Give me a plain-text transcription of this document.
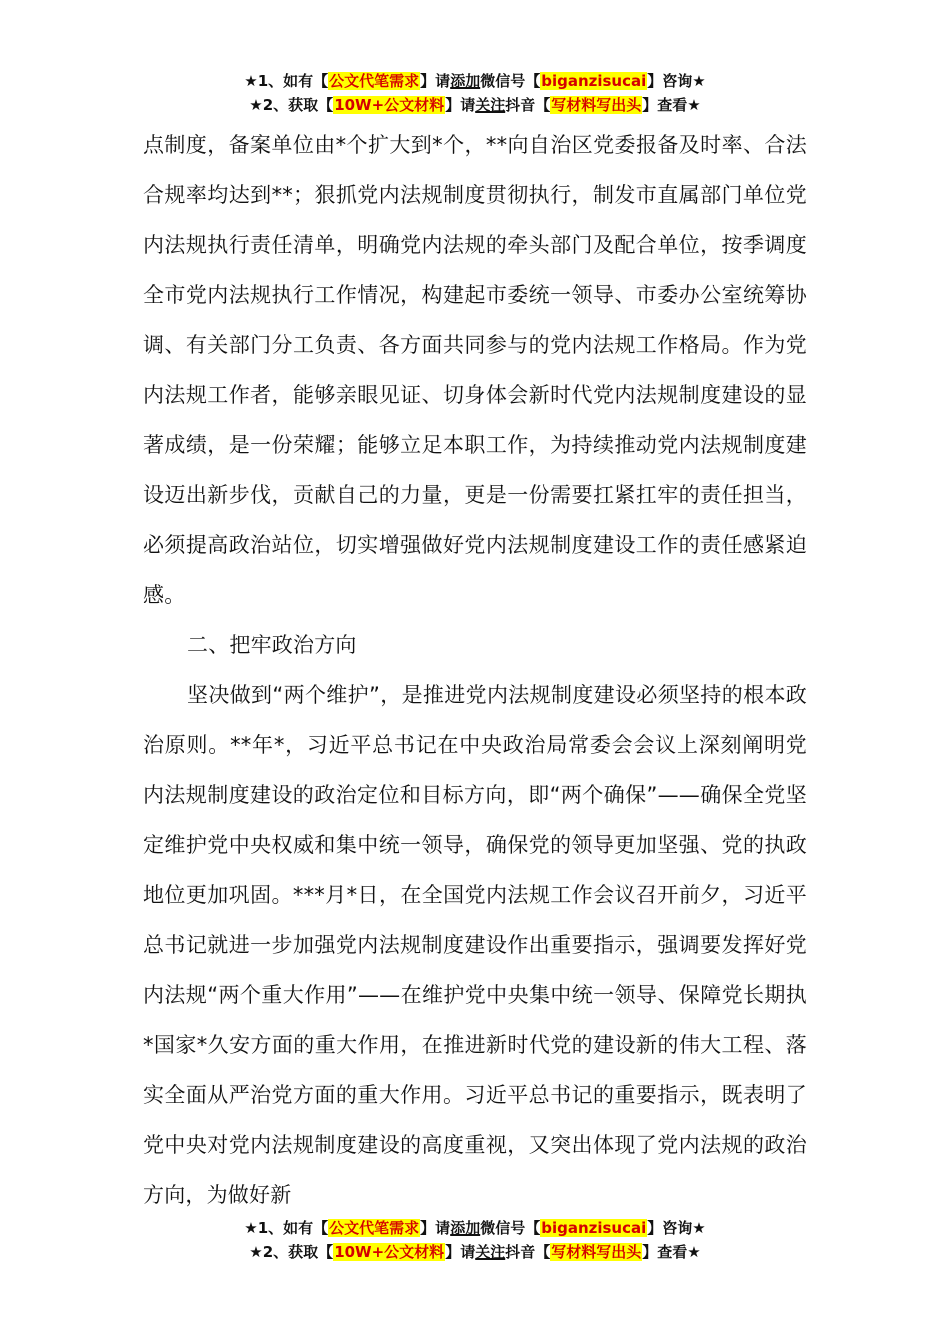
★1、如有【公文代笔需求】请添加微信号【biganzisucai】咨询★
★2、获取【10W+公文材料】请关注抖音【写材料写出头】查看★

点制度，备案单位由*个扩大到*个，**向自治区党委报备及时率、合法合规率均达到**；狠抓党内法规制度贯彻执行，制发市直属部门单位党内法规执行责任清单，明确党内法规的牵头部门及配合单位，按季调度全市党内法规执行工作情况，构建起市委统一领导、市委办公室统筹协调、有关部门分工负责、各方面共同参与的党内法规工作格局。作为党内法规工作者，能够亲眼见证、切身体会新时代党内法规制度建设的显著成绩，是一份荣耀；能够立足本职工作，为持续推动党内法规制度建设迈出新步伐，贡献自己的力量，更是一份需要扛紧扛牢的责任担当，必须提高政治站位，切实增强做好党内法规制度建设工作的责任感紧迫感。

二、把牢政治方向

坚决做到“两个维护”，是推进党内法规制度建设必须坚持的根本政治原则。**年*，习近平总书记在中央政治局常委会会议上深刻阐明党内法规制度建设的政治定位和目标方向，即“两个确保”——确保全党坚定维护党中央权威和集中统一领导，确保党的领导更加坚强、党的执政地位更加巩固。***月*日，在全国党内法规工作会议召开前夕，习近平总书记就进一步加强党内法规制度建设作出重要指示，强调要发挥好党内法规“两个重大作用”——在维护党中央集中统一领导、保障党长期执*国家*久安方面的重大作用，在推进新时代党的建设新的伟大工程、落实全面从严治党方面的重大作用。习近平总书记的重要指示，既表明了党中央对党内法规制度建设的高度重视，又突出体现了党内法规的政治方向，为做好新

★1、如有【公文代笔需求】请添加微信号【biganzisucai】咨询★
★2、获取【10W+公文材料】请关注抖音【写材料写出头】查看★
